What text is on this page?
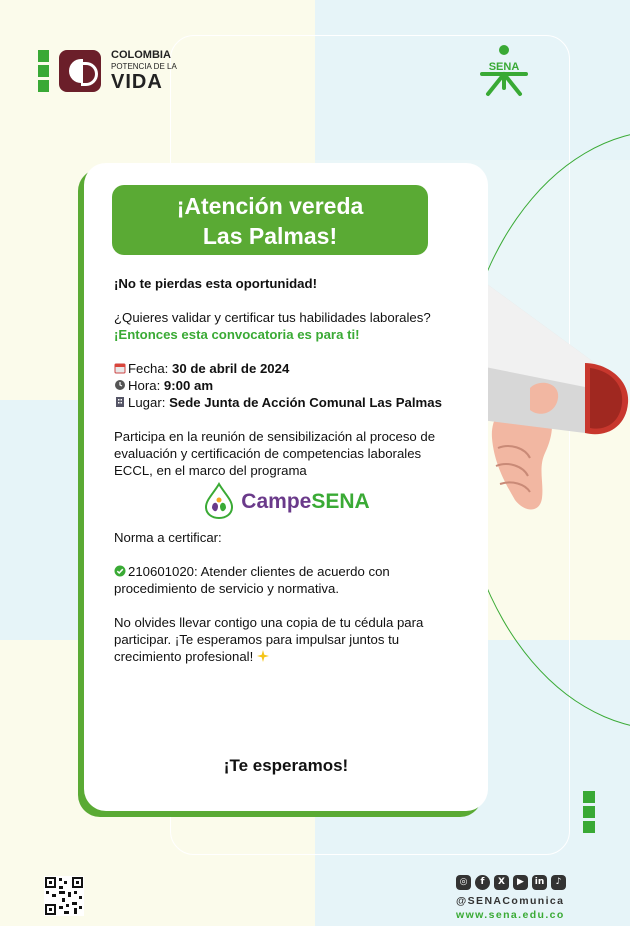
COLOMBIA
POTENCIA DE LA
VIDA
SENA
¡Atención vereda
Las Palmas!
¡No te pierdas esta oportunidad!
¿Quieres validar y certificar tus habilidades laborales? ¡Entonces esta convocatoria es para ti!
Fecha: 30 de abril de 2024
Hora: 9:00 am
Lugar: Sede Junta de Acción Comunal Las Palmas
Participa en la reunión de sensibilización al proceso de evaluación y certificación de competencias laborales ECCL, en el marco del programa
CampeSENA
Norma a certificar:
210601020: Atender clientes de acuerdo con procedimiento de servicio y normativa.
No olvides llevar contigo una copia de tu cédula para participar. ¡Te esperamos para impulsar juntos tu crecimiento profesional!
¡Te esperamos!
◎	f	X	▶	in	♪
@SENAComunica
www.sena.edu.co
